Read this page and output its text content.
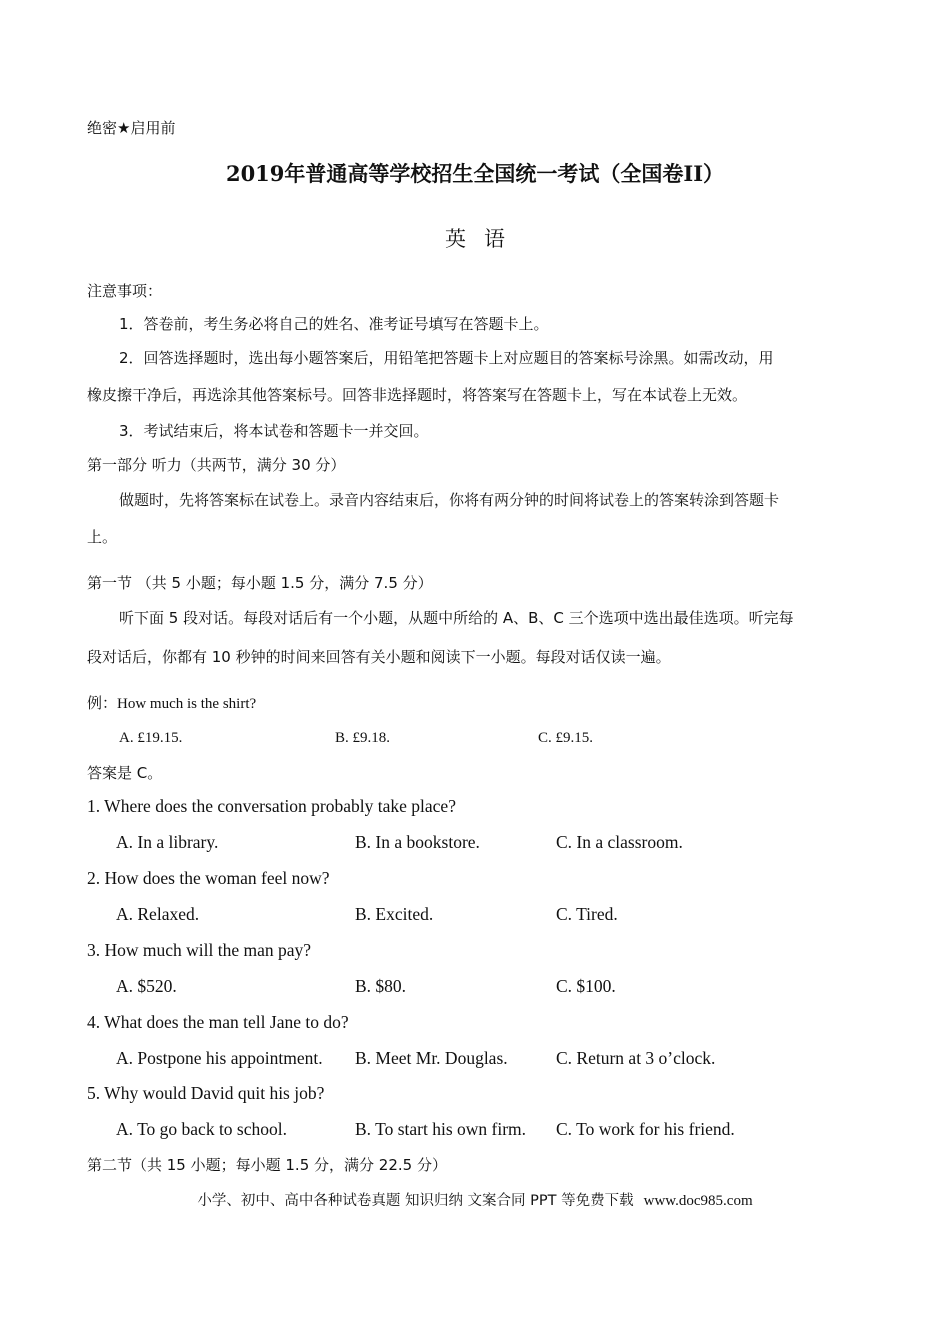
绝密★启用前
2019年普通高等学校招生全国统一考试（全国卷II）
英语
注意事项：
1．答卷前，考生务必将自己的姓名、准考证号填写在答题卡上。
2．回答选择题时，选出每小题答案后，用铅笔把答题卡上对应题目的答案标号涂黑。如需改动，用
橡皮擦干净后，再选涂其他答案标号。回答非选择题时，将答案写在答题卡上，写在本试卷上无效。
3．考试结束后，将本试卷和答题卡一并交回。
第一部分 听力（共两节，满分 30 分）
做题时，先将答案标在试卷上。录音内容结束后，你将有两分钟的时间将试卷上的答案转涂到答题卡
上。
第一节 （共 5 小题；每小题 1.5 分，满分 7.5 分）
听下面 5 段对话。每段对话后有一个小题，从题中所给的 A、B、C 三个选项中选出最佳选项。听完每
段对话后，你都有 10 秒钟的时间来回答有关小题和阅读下一小题。每段对话仅读一遍。
例：How much is the shirt?
A. £19.15.	B. £9.18.	C. £9.15.
答案是 C。
1. Where does the conversation probably take place?
A. In a library.	B. In a bookstore.	C. In a classroom.
2. How does the woman feel now?
A. Relaxed.	B. Excited.	C. Tired.
3. How much will the man pay?
A. $520.	B. $80.	C. $100.
4. What does the man tell Jane to do?
A. Postpone his appointment. B. Meet Mr. Douglas.	C. Return at 3 o’clock.
5. Why would David quit his job?
A. To go back to school.	B. To start his own firm. C. To work for his friend.
第二节（共 15 小题；每小题 1.5 分，满分 22.5 分）
小学、初中、高中各种试卷真题 知识归纳 文案合同 PPT 等免费下载 www.doc985.com
